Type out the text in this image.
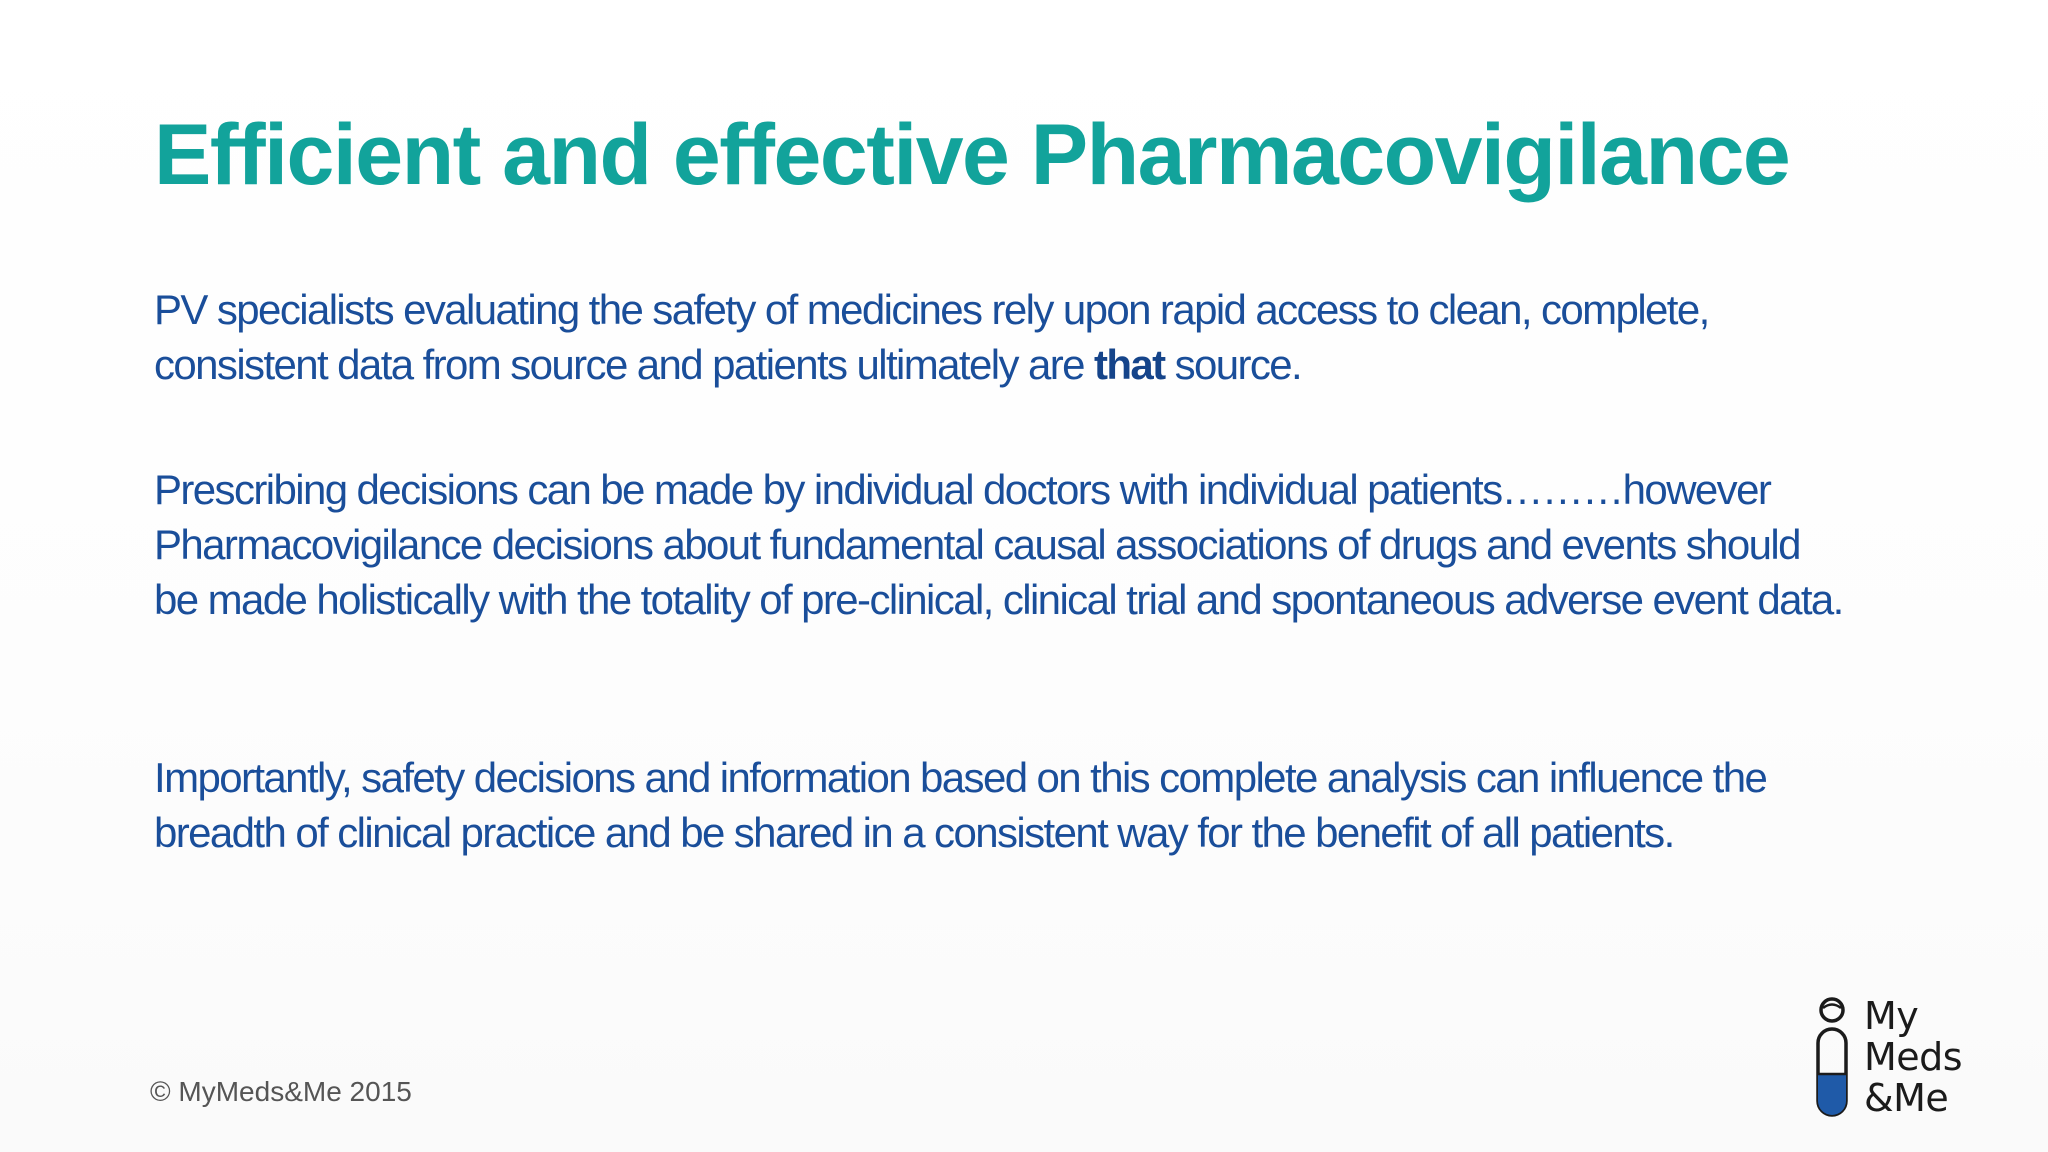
Efficient and effective Pharmacovigilance

PV specialists evaluating the safety of medicines rely upon rapid access to clean, complete, consistent data from source and patients ultimately are that source.

Prescribing decisions can be made by individual doctors with individual patients………however Pharmacovigilance decisions about fundamental causal associations of drugs and events should be made holistically with the totality of pre-clinical, clinical trial and spontaneous adverse event data.

Importantly, safety decisions and information based on this complete analysis can influence the breadth of clinical practice and be shared in a consistent way for the benefit of all patients.

© MyMeds&Me 2015
My
Meds
&Me
